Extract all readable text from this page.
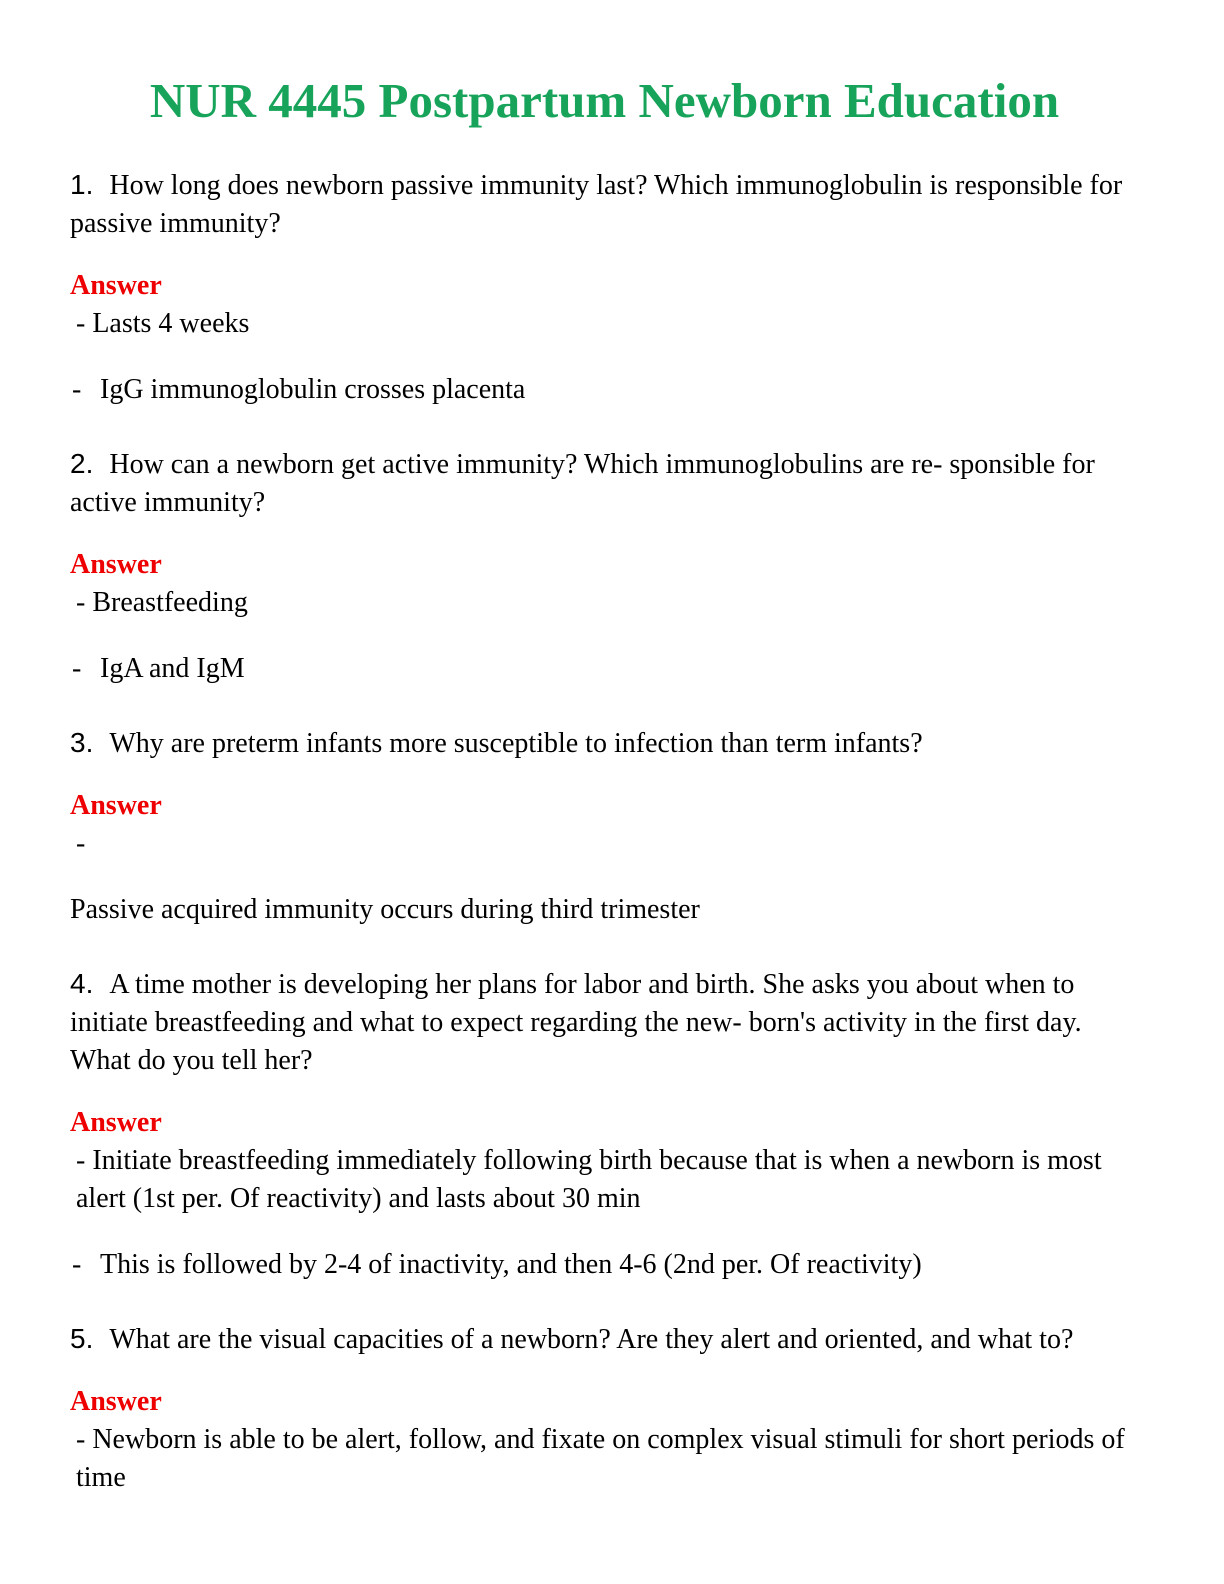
NUR 4445 Postpartum Newborn Education
1. How long does newborn passive immunity last? Which immunoglobulin is responsible for passive immunity?
Answer
- Lasts 4 weeks
- IgG immunoglobulin crosses placenta
2. How can a newborn get active immunity? Which immunoglobulins are re- sponsible for active immunity?
Answer
- Breastfeeding
- IgA and IgM
3. Why are preterm infants more susceptible to infection than term infants?
Answer
-
Passive acquired immunity occurs during third trimester
4. A time mother is developing her plans for labor and birth. She asks you about when to initiate breastfeeding and what to expect regarding the new- born's activity in the first day. What do you tell her?
Answer
- Initiate breastfeeding immediately following birth because that is when a newborn is most alert (1st per. Of reactivity) and lasts about 30 min
- This is followed by 2-4 of inactivity, and then 4-6 (2nd per. Of reactivity)
5. What are the visual capacities of a newborn? Are they alert and oriented, and what to?
Answer
- Newborn is able to be alert, follow, and fixate on complex visual stimuli for short periods of time
